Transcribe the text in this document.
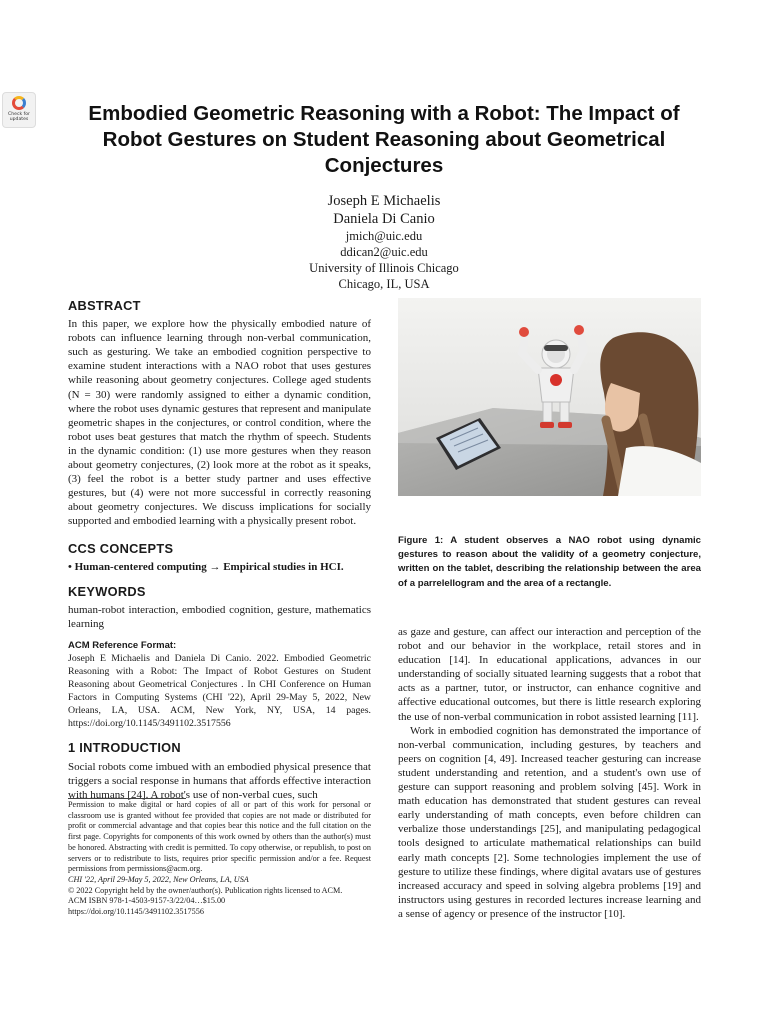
Check for updates	Embodied Geometric Reasoning with a Robot: The Impact of Robot Gestures on Student Reasoning about Geometrical Conjectures
Joseph E Michaelis
Daniela Di Canio
jmich@uic.edu
ddican2@uic.edu
University of Illinois Chicago
Chicago, IL, USA
ABSTRACT

In this paper, we explore how the physically embodied nature of robots can influence learning through non-verbal communication, such as gesturing. We take an embodied cognition perspective to examine student interactions with a NAO robot that uses gestures while reasoning about geometry conjectures. College aged students (N = 30) were randomly assigned to either a dynamic condition, where the robot uses dynamic gestures that represent and manipulate geometric shapes in the conjectures, or control condition, where the robot uses beat gestures that match the rhythm of speech. Students in the dynamic condition: (1) use more gestures when they reason about geometry conjectures, (2) look more at the robot as it speaks, (3) feel the robot is a better study partner and uses effective gestures, but (4) were not more successful in correctly reasoning about geometry conjectures. We discuss implications for socially supported and embodied learning with a physically present robot.

CCS CONCEPTS

• Human-centered computing → Empirical studies in HCI.

KEYWORDS

human-robot interaction, embodied cognition, gesture, mathematics learning

ACM Reference Format:

Joseph E Michaelis and Daniela Di Canio. 2022. Embodied Geometric Reasoning with a Robot: The Impact of Robot Gestures on Student Reasoning about Geometrical Conjectures . In CHI Conference on Human Factors in Computing Systems (CHI '22), April 29-May 5, 2022, New Orleans, LA, USA. ACM, New York, NY, USA, 14 pages. https://doi.org/10.1145/3491102.3517556

1 INTRODUCTION

Social robots come imbued with an embodied physical presence that triggers a social response in humans that affords effective interaction with humans [24]. A robot's use of non-verbal cues, such

Permission to make digital or hard copies of all or part of this work for personal or classroom use is granted without fee provided that copies are not made or distributed for profit or commercial advantage and that copies bear this notice and the full citation on the first page. Copyrights for components of this work owned by others than the author(s) must be honored. Abstracting with credit is permitted. To copy otherwise, or republish, to post on servers or to redistribute to lists, requires prior specific permission and/or a fee. Request permissions from permissions@acm.org.
CHI '22, April 29-May 5, 2022, New Orleans, LA, USA
© 2022 Copyright held by the owner/author(s). Publication rights licensed to ACM.
ACM ISBN 978-1-4503-9157-3/22/04…$15.00
https://doi.org/10.1145/3491102.3517556
Figure 1: A student observes a NAO robot using dynamic gestures to reason about the validity of a geometry conjecture, written on the tablet, describing the relationship between the area of a parrelellogram and the area of a rectangle.

as gaze and gesture, can affect our interaction and perception of the robot and our behavior in the workplace, retail stores and in education [14]. In educational applications, advances in our understanding of socially situated learning suggests that a robot that acts as a partner, tutor, or instructor, can enhance cognitive and affective educational outcomes, but there is little research exploring the use of non-verbal communication in robot assisted learning [11].

Work in embodied cognition has demonstrated the importance of non-verbal communication, including gestures, by teachers and peers on cognition [4, 49]. Increased teacher gesturing can increase student understanding and retention, and a student's own use of gesture can support reasoning and problem solving [45]. Work in math education has demonstrated that student gestures can reveal early understanding of math concepts, even before children can verbalize those understandings [25], and manipulating pedagogical tools designed to articulate mathematical relationships can build early math concepts [2]. Some technologies implement the use of gesture to utilize these findings, where digital avatars use of gestures increased accuracy and speed in solving algebra problems [19] and instructors using gestures in recorded lectures increase learning and a sense of agency or presence of the instructor [10].
